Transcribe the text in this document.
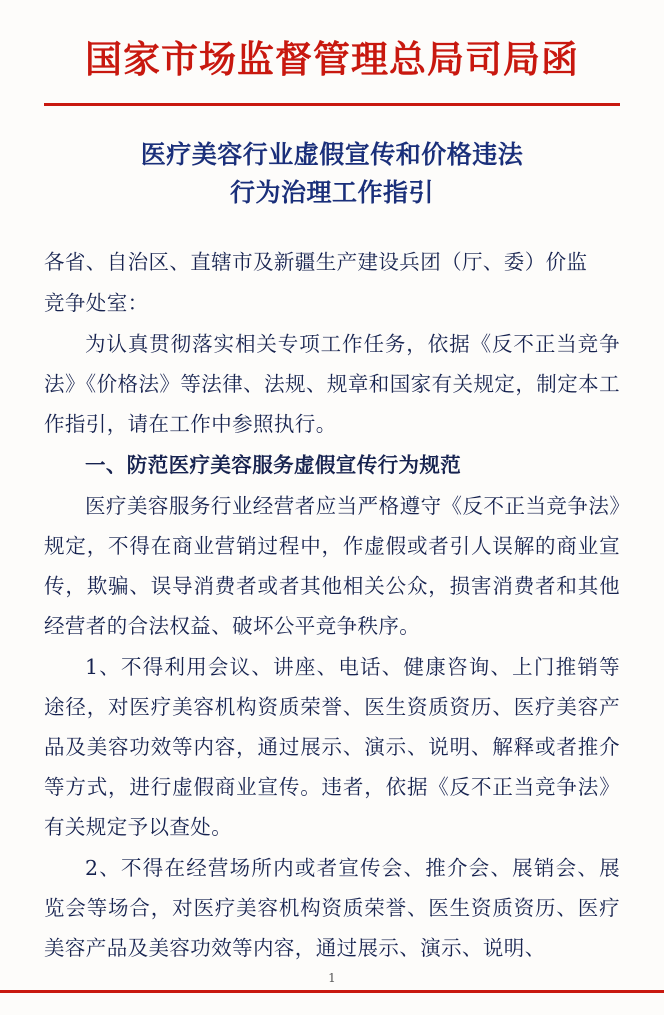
国家市场监督管理总局司局函
医疗美容行业虚假宣传和价格违法
行为治理工作指引

各省、自治区、直辖市及新疆生产建设兵团（厅、委）价监

竞争处室：

为认真贯彻落实相关专项工作任务，依据《反不正当竞争法》《价格法》等法律、法规、规章和国家有关规定，制定本工作指引，请在工作中参照执行。

一、防范医疗美容服务虚假宣传行为规范

医疗美容服务行业经营者应当严格遵守《反不正当竞争法》规定，不得在商业营销过程中，作虚假或者引人误解的商业宣传，欺骗、误导消费者或者其他相关公众，损害消费者和其他经营者的合法权益、破坏公平竞争秩序。

1、不得利用会议、讲座、电话、健康咨询、上门推销等途径，对医疗美容机构资质荣誉、医生资质资历、医疗美容产品及美容功效等内容，通过展示、演示、说明、解释或者推介等方式，进行虚假商业宣传。违者，依据《反不正当竞争法》有关规定予以查处。

2、不得在经营场所内或者宣传会、推介会、展销会、展览会等场合，对医疗美容机构资质荣誉、医生资质资历、医疗美容产品及美容功效等内容，通过展示、演示、说明、

1
